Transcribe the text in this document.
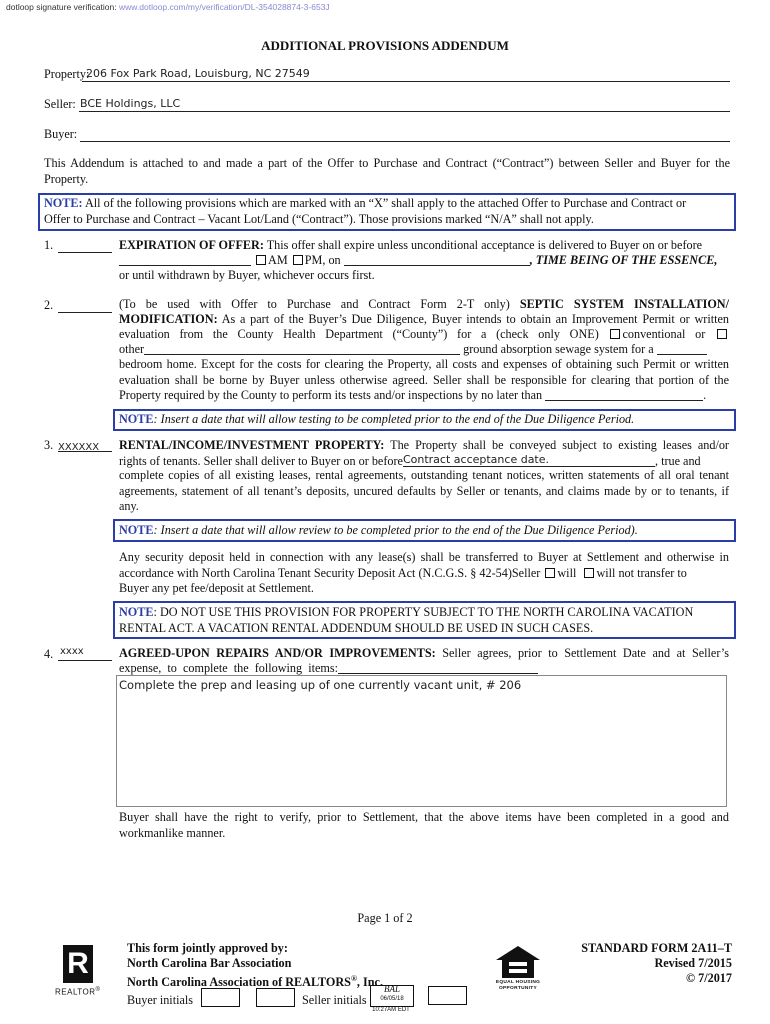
dotloop signature verification: www.dotloop.com/my/verification/DL-354028874-3-653J
ADDITIONAL PROVISIONS ADDENDUM
Property:
206 Fox Park Road, Louisburg, NC 27549
Seller: BCE Holdings, LLC
Buyer:
This Addendum is attached to and made a part of the Offer to Purchase and Contract (“Contract”) between Seller and Buyer for the Property.
NOTE: All of the following provisions which are marked with an “X” shall apply to the attached Offer to Purchase and Contract or
Offer to Purchase and Contract – Vacant Lot/Land (“Contract”). Those provisions marked “N/A” shall not apply.
1.	EXPIRATION OF OFFER: This offer shall expire unless unconditional acceptance is delivered to Buyer on or before
AM PM, on	, TIME BEING OF THE ESSENCE,
or until withdrawn by Buyer, whichever occurs first.
2.	(To be used with Offer to Purchase and Contract Form 2-T only) SEPTIC SYSTEM INSTALLATION/
MODIFICATION: As a part of the Buyer’s Due Diligence, Buyer intends to obtain an Improvement Permit or written
evaluation from the County Health Department (“County”) for a (check only ONE) conventional or
other	ground absorption sewage system for a
bedroom home. Except for the costs for clearing the Property, all costs and expenses of obtaining such Permit or written
evaluation shall be borne by Buyer unless otherwise agreed. Seller shall be responsible for clearing that portion of the
Property required by the County to perform its tests and/or inspections by no later than	.
NOTE: Insert a date that will allow testing to be completed prior to the end of the Due Diligence Period.
3. XXXXXX	RENTAL/INCOME/INVESTMENT PROPERTY: The Property shall be conveyed subject to existing leases and/or
rights of tenants. Seller shall deliver to Buyer on or before Contract acceptance date.	, true and
complete copies of all existing leases, rental agreements, outstanding tenant notices, written statements of all oral tenant
agreements, statement of all tenant’s deposits, uncured defaults by Seller or tenants, and claims made by or to tenants, if
any.
NOTE: Insert a date that will allow review to be completed prior to the end of the Due Diligence Period).
Any security deposit held in connection with any lease(s) shall be transferred to Buyer at Settlement and otherwise in
accordance with North Carolina Tenant Security Deposit Act (N.C.G.S. § 42-54)Seller will will not transfer to
Buyer any pet fee/deposit at Settlement.
NOTE: DO NOT USE THIS PROVISION FOR PROPERTY SUBJECT TO THE NORTH CAROLINA VACATION
RENTAL ACT. A VACATION RENTAL ADDENDUM SHOULD BE USED IN SUCH CASES.
4. xxxx	AGREED-UPON REPAIRS AND/OR IMPROVEMENTS: Seller agrees, prior to Settlement Date and at Seller’s
expense,  to  complete  the  following  items:
Complete the prep and leasing up of one currently vacant unit, # 206
Buyer shall have the right to verify, prior to Settlement, that the above items have been completed in a good and
workmanlike manner.
Page 1 of 2
R
REALTOR®
This form jointly approved by:
North Carolina Bar Association
North Carolina Association of REALTORS®, Inc.
Buyer initials	Seller initials
BAL
06/05/18
10:27AM EDT
EQUAL HOUSING
OPPORTUNITY
STANDARD FORM 2A11–T
Revised 7/2015
© 7/2017
